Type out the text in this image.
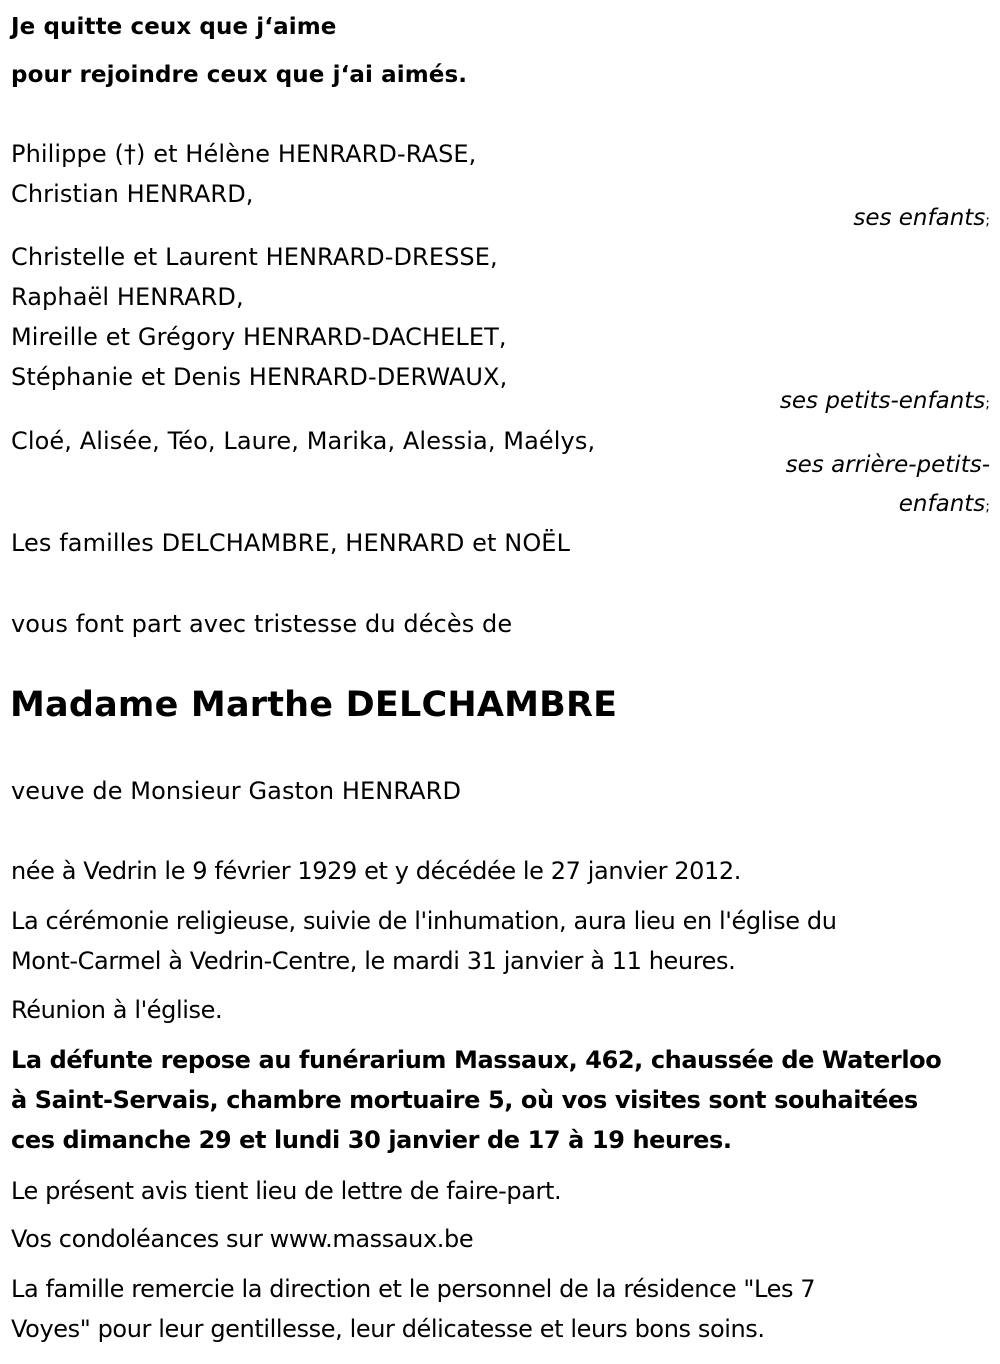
Je quitte ceux que j‘aime
pour rejoindre ceux que j‘ai aimés.
Philippe (†) et Hélène HENRARD-RASE,
Christian HENRARD,
ses enfants;
Christelle et Laurent HENRARD-DRESSE,
Raphaël HENRARD,
Mireille et Grégory HENRARD-DACHELET,
Stéphanie et Denis HENRARD-DERWAUX,
ses petits-enfants;
Cloé, Alisée, Téo, Laure, Marika, Alessia, Maélys,
ses arrière-petits-
enfants;
Les familles DELCHAMBRE, HENRARD et NOËL
vous font part avec tristesse du décès de
Madame Marthe DELCHAMBRE
veuve de Monsieur Gaston HENRARD
née à Vedrin le 9 février 1929 et y décédée le 27 janvier 2012.
La cérémonie religieuse, suivie de l'inhumation, aura lieu en l'église du
Mont-Carmel à Vedrin-Centre, le mardi 31 janvier à 11 heures.
Réunion à l'église.
La défunte repose au funérarium Massaux, 462, chaussée de Waterloo
à Saint-Servais, chambre mortuaire 5, où vos visites sont souhaitées
ces dimanche 29 et lundi 30 janvier de 17 à 19 heures.
Le présent avis tient lieu de lettre de faire-part.
Vos condoléances sur www.massaux.be
La famille remercie la direction et le personnel de la résidence "Les 7
Voyes" pour leur gentillesse, leur délicatesse et leurs bons soins.
